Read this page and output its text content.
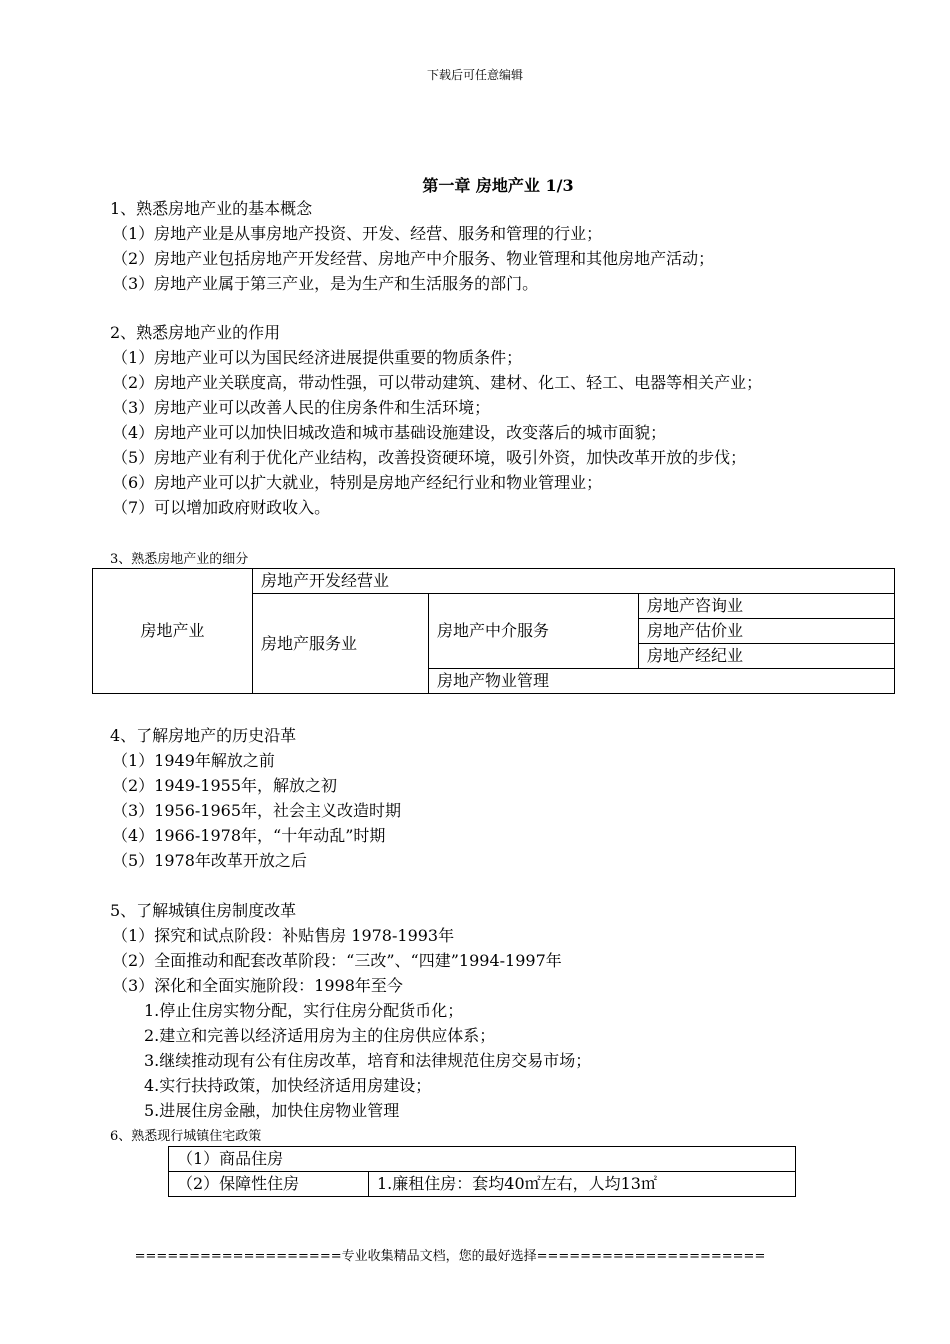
下载后可任意编辑
第一章 房地产业 1/3
1、熟悉房地产业的基本概念
（1）房地产业是从事房地产投资、开发、经营、服务和管理的行业；
（2）房地产业包括房地产开发经营、房地产中介服务、物业管理和其他房地产活动；
（3）房地产业属于第三产业，是为生产和生活服务的部门。
2、熟悉房地产业的作用
（1）房地产业可以为国民经济进展提供重要的物质条件；
（2）房地产业关联度高，带动性强，可以带动建筑、建材、化工、轻工、电器等相关产业；
（3）房地产业可以改善人民的住房条件和生活环境；
（4）房地产业可以加快旧城改造和城市基础设施建设，改变落后的城市面貌；
（5）房地产业有利于优化产业结构，改善投资硬环境，吸引外资，加快改革开放的步伐；
（6）房地产业可以扩大就业，特别是房地产经纪行业和物业管理业；
（7）可以增加政府财政收入。
3、熟悉房地产业的细分
房地产业	房地产开发经营业		
	房地产服务业	房地产中介服务	房地产咨询业
			房地产估价业
			房地产经纪业
		房地产物业管理	
4、了解房地产的历史沿革
（1）1949年解放之前
（2）1949-1955年，解放之初
（3）1956-1965年，社会主义改造时期
（4）1966-1978年，“十年动乱”时期
（5）1978年改革开放之后
5、了解城镇住房制度改革
（1）探究和试点阶段：补贴售房 1978-1993年
（2）全面推动和配套改革阶段：“三改”、“四建”1994-1997年
（3）深化和全面实施阶段：1998年至今
1.停止住房实物分配，实行住房分配货币化；
2.建立和完善以经济适用房为主的住房供应体系；
3.继续推动现有公有住房改革，培育和法律规范住房交易市场；
4.实行扶持政策，加快经济适用房建设；
5.进展住房金融，加快住房物业管理
6、熟悉现行城镇住宅政策
（1）商品住房
（2）保障性住房	1.廉租住房：套均40㎡左右，人均13㎡
===================专业收集精品文档，您的最好选择=====================
